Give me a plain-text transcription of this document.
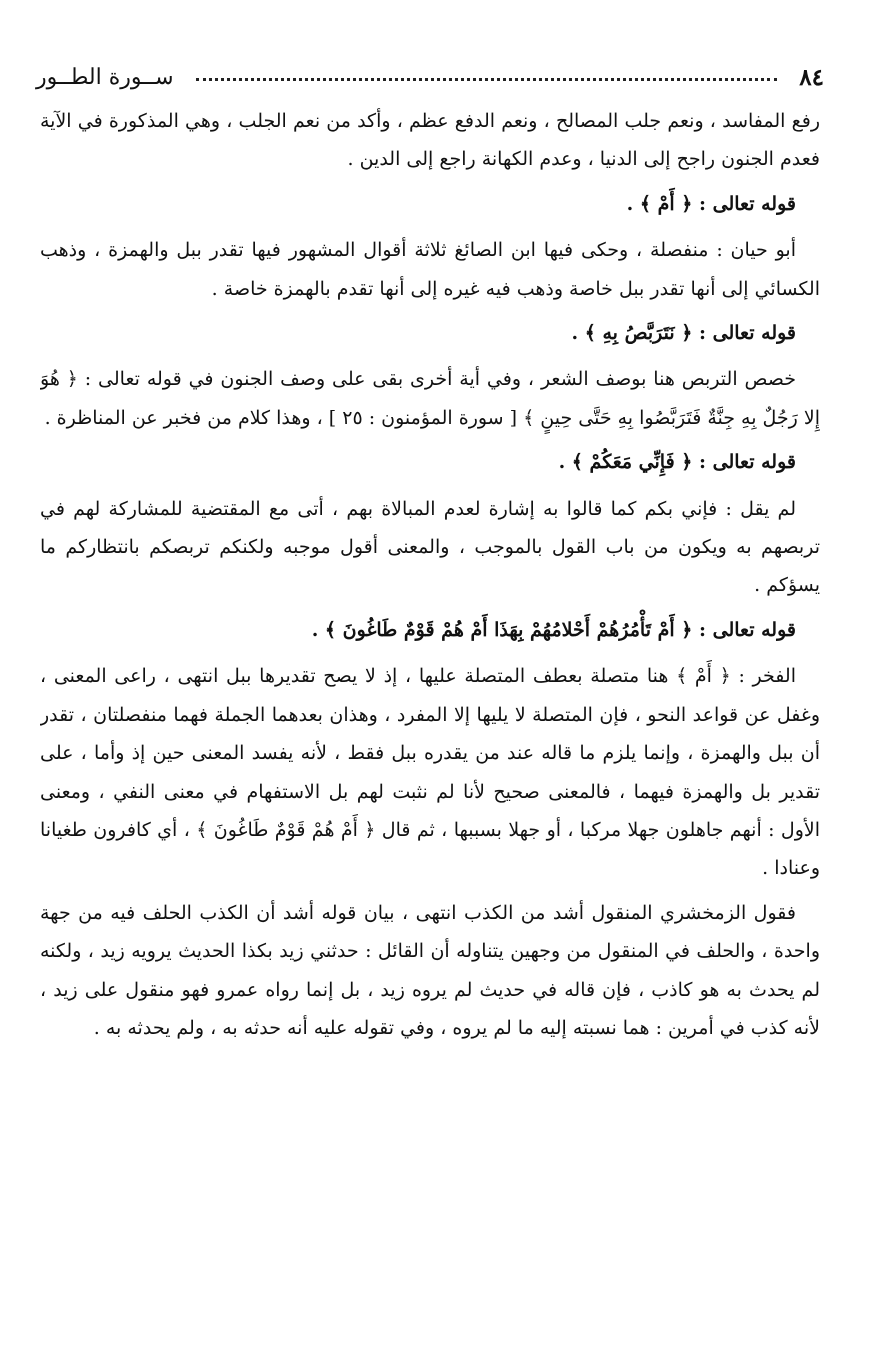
٨٤
ســورة الطــور

رفع المفاسد ، ونعم جلب المصالح ، ونعم الدفع عظم ، وأكد من نعم الجلب ، وهي المذكورة في الآية فعدم الجنون راجح إلى الدنيا ، وعدم الكهانة راجع إلى الدين .

قوله تعالى : ﴿ أَمْ ﴾ .

أبو حيان : منفصلة ، وحكى فيها ابن الصائغ ثلاثة أقوال المشهور فيها تقدر ببل والهمزة ، وذهب الكسائي إلى أنها تقدر ببل خاصة وذهب فيه غيره إلى أنها تقدم بالهمزة خاصة .

قوله تعالى : ﴿ نَتَرَبَّصُ بِهِ ﴾ .

خصص التربص هنا بوصف الشعر ، وفي أية أخرى بقى على وصف الجنون في قوله تعالى : ﴿ هُوَ إِلا رَجُلٌ بِهِ جِنَّةٌ فَتَرَبَّصُوا بِهِ حَتَّى حِينٍ ﴾ [ سورة المؤمنون : ٢٥ ] ، وهذا كلام من فخبر عن المناظرة .

قوله تعالى : ﴿ فَإِنِّي مَعَكُمْ ﴾ .

لم يقل : فإني بكم كما قالوا به إشارة لعدم المبالاة بهم ، أتى مع المقتضية للمشاركة لهم في تربصهم به ويكون من باب القول بالموجب ، والمعنى أقول موجبه ولكنكم تربصكم بانتظاركم ما يسؤكم .

قوله تعالى : ﴿ أَمْ تَأْمُرُهُمْ أَحْلامُهُمْ بِهَذَا أَمْ هُمْ قَوْمٌ طَاغُونَ ﴾ .

الفخر : ﴿ أَمْ ﴾ هنا متصلة بعطف المتصلة عليها ، إذ لا يصح تقديرها ببل انتهى ، راعى المعنى ، وغفل عن قواعد النحو ، فإن المتصلة لا يليها إلا المفرد ، وهذان بعدهما الجملة فهما منفصلتان ، تقدر أن ببل والهمزة ، وإنما يلزم ما قاله عند من يقدره ببل فقط ، لأنه يفسد المعنى حين إذ وأما ، على تقدير بل والهمزة فيهما ، فالمعنى صحيح لأنا لم نثبت لهم بل الاستفهام في معنى النفي ، ومعنى الأول : أنهم جاهلون جهلا مركبا ، أو جهلا بسببها ، ثم قال ﴿ أَمْ هُمْ قَوْمٌ طَاغُونَ ﴾ ، أي كافرون طغيانا وعنادا .

فقول الزمخشري المنقول أشد من الكذب انتهى ، بيان قوله أشد أن الكذب الحلف فيه من جهة واحدة ، والحلف في المنقول من وجهين يتناوله أن القائل : حدثني زيد بكذا الحديث يرويه زيد ، ولكنه لم يحدث به هو كاذب ، فإن قاله في حديث لم يروه زيد ، بل إنما رواه عمرو فهو منقول على زيد ، لأنه كذب في أمرين : هما نسبته إليه ما لم يروه ، وفي تقوله عليه أنه حدثه به ، ولم يحدثه به .
